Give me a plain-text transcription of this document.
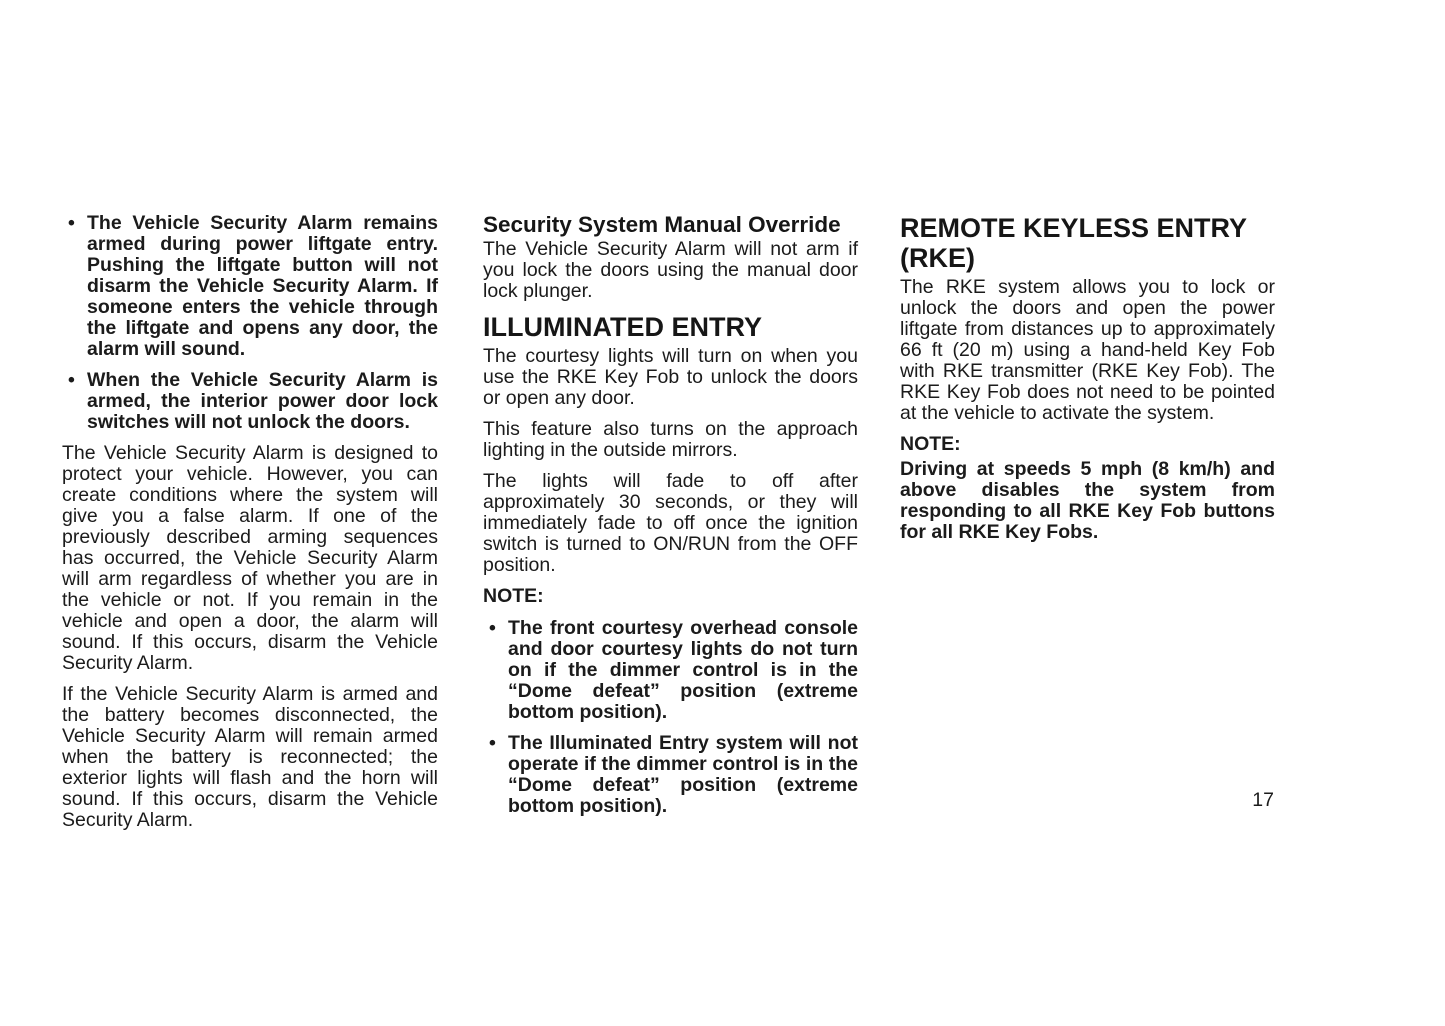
• The Vehicle Security Alarm remains armed during power liftgate entry. Pushing the liftgate button will not disarm the Vehicle Security Alarm. If someone enters the vehicle through the liftgate and opens any door, the alarm will sound.
• When the Vehicle Security Alarm is armed, the interior power door lock switches will not unlock the doors.

The Vehicle Security Alarm is designed to protect your vehicle. However, you can create conditions where the system will give you a false alarm. If one of the previously described arming sequences has occurred, the Vehicle Security Alarm will arm regardless of whether you are in the vehicle or not. If you remain in the vehicle and open a door, the alarm will sound. If this occurs, disarm the Vehicle Security Alarm.

If the Vehicle Security Alarm is armed and the battery becomes disconnected, the Vehicle Security Alarm will remain armed when the battery is reconnected; the exterior lights will flash and the horn will sound. If this occurs, disarm the Vehicle Security Alarm.

Security System Manual Override

The Vehicle Security Alarm will not arm if you lock the doors using the manual door lock plunger.

ILLUMINATED ENTRY

The courtesy lights will turn on when you use the RKE Key Fob to unlock the doors or open any door.

This feature also turns on the approach lighting in the outside mirrors.

The lights will fade to off after approximately 30 seconds, or they will immediately fade to off once the ignition switch is turned to ON/RUN from the OFF position.

NOTE:

• The front courtesy overhead console and door courtesy lights do not turn on if the dimmer control is in the “Dome defeat” position (extreme bottom position).
• The Illuminated Entry system will not operate if the dimmer control is in the “Dome defeat” position (extreme bottom position).
REMOTE KEYLESS ENTRY (RKE)

The RKE system allows you to lock or unlock the doors and open the power liftgate from distances up to approximately 66 ft (20 m) using a hand-held Key Fob with RKE transmitter (RKE Key Fob). The RKE Key Fob does not need to be pointed at the vehicle to activate the system.

NOTE:

Driving at speeds 5 mph (8 km/h) and above disables the system from responding to all RKE Key Fob buttons for all RKE Key Fobs.

17
